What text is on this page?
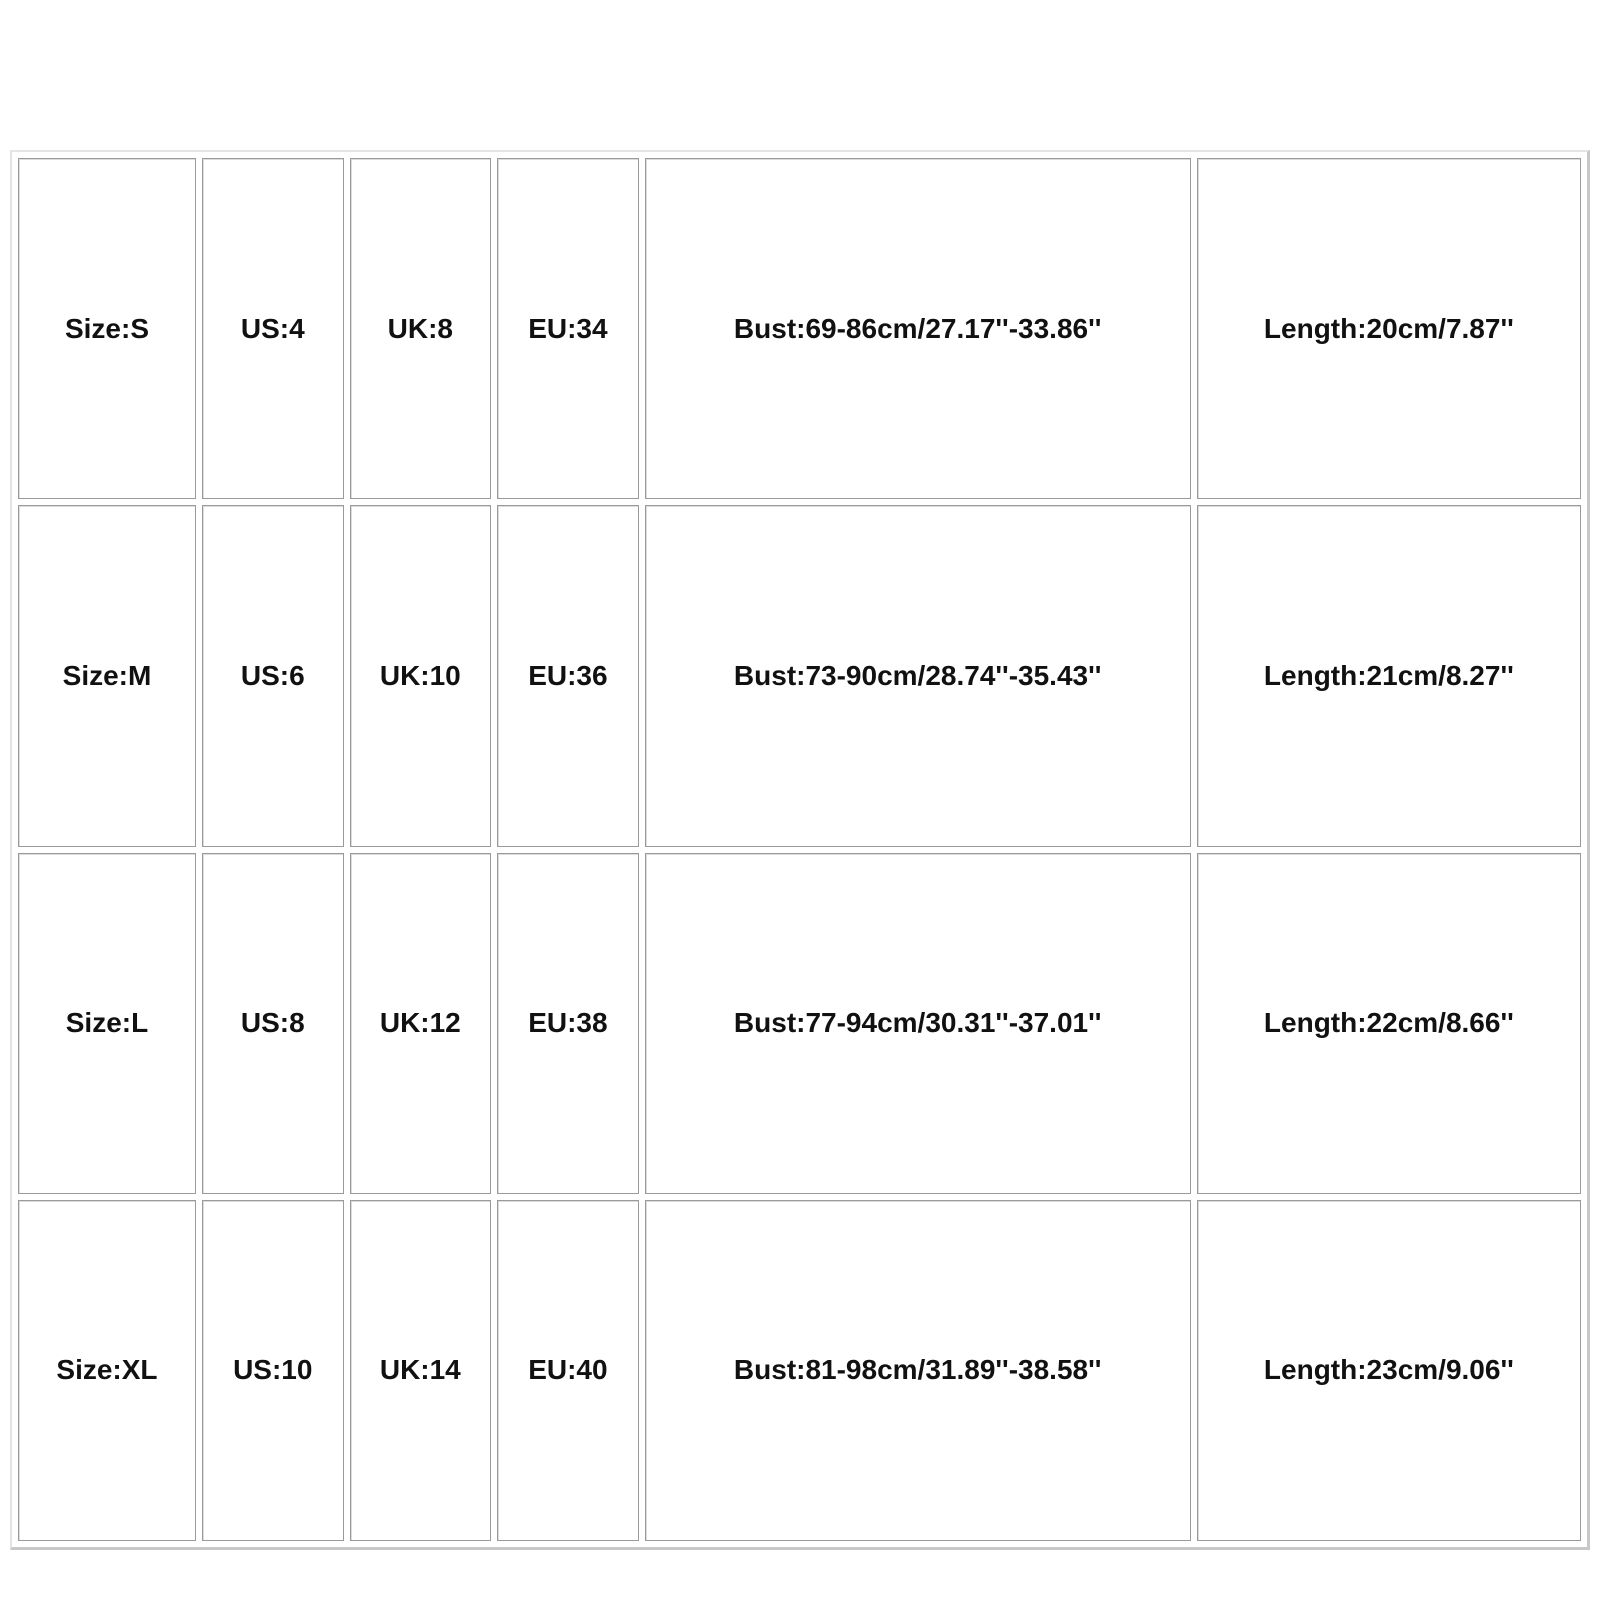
Size:S	US:4	UK:8	EU:34	Bust:69-86cm/27.17''-33.86''	Length:20cm/7.87''
Size:M	US:6	UK:10	EU:36	Bust:73-90cm/28.74''-35.43''	Length:21cm/8.27''
Size:L	US:8	UK:12	EU:38	Bust:77-94cm/30.31''-37.01''	Length:22cm/8.66''
Size:XL	US:10	UK:14	EU:40	Bust:81-98cm/31.89''-38.58''	Length:23cm/9.06''
